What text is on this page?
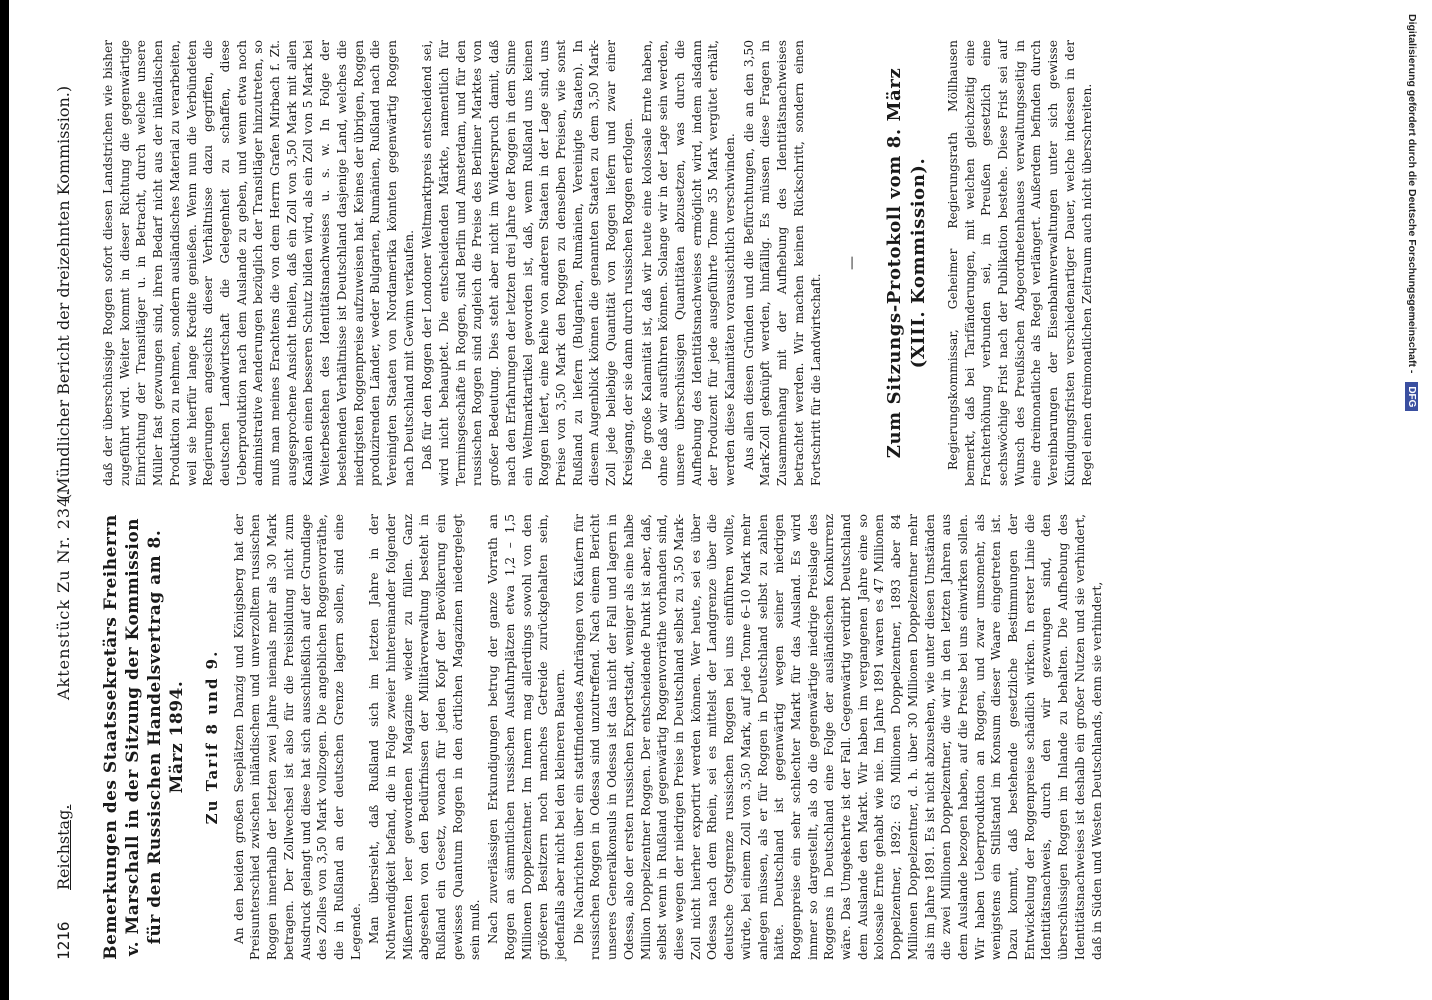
1216
Reichstag.
Aktenstück Zu Nr. 234.
(Mündlicher Bericht der dreizehnten Kommission.)
Bemerkungen des Staatssekretärs Freiherrn v. Marschall in der Sitzung der Kommission für den Russischen Handelsvertrag am 8. März 1894. Zu Tarif 8 und 9. An den beiden großen Seeplätzen Danzig und Königsberg hat der Preisunterschied zwischen inländischem und unverzolltem russischen Roggen innerhalb der letzten zwei Jahre niemals mehr als 30 Mark betragen. Der Zollwechsel ist also für die Preisbildung nicht zum Ausdruck gelangt und diese hat sich ausschließlich auf der Grundlage des Zolles von 3,50 Mark vollzogen. Die angeblichen Roggenvorräthe, die in Rußland an der deutschen Grenze lagern sollen, sind eine Legende. Man übersieht, daß Rußland sich im letzten Jahre in der Nothwendigkeit befand, die in Folge zweier hintereinander folgender Mißernten leer gewordenen Magazine wieder zu füllen. Ganz abgesehen von den Bedürfnissen der Militärverwaltung besteht in Rußland ein Gesetz, wonach für jeden Kopf der Bevölkerung ein gewisses Quantum Roggen in den örtlichen Magazinen niedergelegt sein muß. Nach zuverlässigen Erkundigungen betrug der ganze Vorrath an Roggen an sämmtlichen russischen Ausfuhrplätzen etwa 1,2 – 1,5 Millionen Doppelzentner. Im Innern mag allerdings sowohl von den größeren Besitzern noch manches Getreide zurückgehalten sein, jedenfalls aber nicht bei den kleineren Bauern. Die Nachrichten über ein stattfindendes Andrängen von Käufern für russischen Roggen in Odessa sind unzutreffend. Nach einem Bericht unseres Generalkonsuls in Odessa ist das nicht der Fall und lagern in Odessa, also der ersten russischen Exportstadt, weniger als eine halbe Million Doppelzentner Roggen. Der entscheidende Punkt ist aber, daß, selbst wenn in Rußland gegenwärtig Roggenvorräthe vorhanden sind, diese wegen der niedrigen Preise in Deutschland selbst zu 3,50 Mark-Zoll nicht hierher exportirt werden können. Wer heute, sei es über Odessa nach dem Rhein, sei es mittelst der Landgrenze über die deutsche Ostgrenze russischen Roggen bei uns einführen wollte, würde, bei einem Zoll von 3,50 Mark, auf jede Tonne 6–10 Mark mehr anlegen müssen, als er für Roggen in Deutschland selbst zu zahlen hätte. Deutschland ist gegenwärtig wegen seiner niedrigen Roggenpreise ein sehr schlechter Markt für das Ausland. Es wird immer so dargestellt, als ob die gegenwärtige niedrige Preislage des Roggens in Deutschland eine Folge der ausländischen Konkurrenz wäre. Das Umgekehrte ist der Fall. Gegenwärtig verdirbt Deutschland dem Auslande den Markt. Wir haben im vergangenen Jahre eine so kolossale Ernte gehabt wie nie. Im Jahre 1891 waren es 47 Millionen Doppelzentner, 1892: 63 Millionen Doppelzentner, 1893 aber 84 Millionen Doppelzentner, d. h. über 30 Millionen Doppelzentner mehr als im Jahre 1891. Es ist nicht abzusehen, wie unter diesen Umständen die zwei Millionen Doppelzentner, die wir in den letzten Jahren aus dem Auslande bezogen haben, auf die Preise bei uns einwirken sollen. Wir haben Ueberproduktion an Roggen, und zwar umsomehr, als wenigstens ein Stillstand im Konsum dieser Waare eingetreten ist. Dazu kommt, daß bestehende gesetzliche Bestimmungen der Entwickelung der Roggenpreise schädlich wirken. In erster Linie die Identitätsnachweis, durch den wir gezwungen sind, den überschüssigen Roggen im Inlande zu behalten. Die Aufhebung des Identitätsnachweises ist deshalb ein großer Nutzen und sie verhindert, daß in Süden und Westen Deutschlands, denn sie verhindert,

daß der überschüssige Roggen sofort diesen Landstrichen wie bisher zugeführt wird. Weiter kommt in dieser Richtung die gegenwärtige Einrichtung der Transitläger u. in Betracht, durch welche unsere Müller fast gezwungen sind, ihren Bedarf nicht aus der inländischen Produktion zu nehmen, sondern ausländisches Material zu verarbeiten, weil sie hierfür lange Kredite genießen. Wenn nun die Verbündeten Regierungen angesichts dieser Verhältnisse dazu gegriffen, die deutschen Landwirtschaft die Gelegenheit zu schaffen, diese Ueberproduktion nach dem Auslande zu geben, und wenn etwa noch administrative Aenderungen bezüglich der Transitläger hinzutreten, so muß man meines Erachtens die von dem Herrn Grafen Mirbach f. Zt. ausgesprochene Ansicht theilen, daß ein Zoll von 3,50 Mark mit allen Kanälen einen besseren Schutz bilden wird, als ein Zoll von 5 Mark bei Weiterbestehen des Identitätsnachweises u. s. w. In Folge der bestehenden Verhältnisse ist Deutschland dasjenige Land, welches die niedrigsten Roggenpreise aufzuweisen hat. Keines der übrigen, Roggen produzirenden Länder, weder Bulgarien, Rumänien, Rußland nach die Vereinigten Staaten von Nordamerika könnten gegenwärtig Roggen nach Deutschland mit Gewinn verkaufen. Daß für den Roggen der Londoner Weltmarktpreis entscheidend sei, wird nicht behauptet. Die entscheidenden Märkte, namentlich für Terminsgeschäfte in Roggen, sind Berlin und Amsterdam, und für den russischen Roggen sind zugleich die Preise des Berliner Marktes von großer Bedeutung. Dies steht aber nicht im Widerspruch damit, daß nach den Erfahrungen der letzten drei Jahre der Roggen in dem Sinne ein Weltmarktartikel geworden ist, daß, wenn Rußland uns keinen Roggen liefert, eine Reihe von anderen Staaten in der Lage sind, uns Preise von 3,50 Mark den Roggen zu denselben Preisen, wie sonst Rußland zu liefern (Bulgarien, Rumänien, Vereinigte Staaten). In diesem Augenblick können die genannten Staaten zu dem 3,50 Mark-Zoll jede beliebige Quantität von Roggen liefern und zwar einer Kreisgang, der sie dann durch russischen Roggen erfolgen. Die große Kalamität ist, daß wir heute eine kolossale Ernte haben, ohne daß wir ausführen können. Solange wir in der Lage sein werden, unsere überschüssigen Quantitäten abzusetzen, was durch die Aufhebung des Identitätsnachweises ermöglicht wird, indem alsdann der Produzent für jede ausgeführte Tonne 35 Mark vergütet erhält, werden diese Kalamitäten voraussichtlich verschwinden. Aus allen diesen Gründen und die Befürchtungen, die an den 3,50 Mark-Zoll geknüpft werden, hinfällig. Es müssen diese Fragen in Zusammenhang mit der Aufhebung des Identitätsnachweises betrachtet werden. Wir machen keinen Rückschritt, sondern einen Fortschritt für die Landwirtschaft.

— Zum Sitzungs-Protokoll vom 8. März (XIII. Kommission). Regierungskommissar, Geheimer Regierungsrath Möllhausen bemerkt, daß bei Tarifänderungen, mit welchen gleichzeitig eine Frachterhöhung verbunden sei, in Preußen gesetzlich eine sechswöchige Frist nach der Publikation bestehe. Diese Frist sei auf Wunsch des Preußischen Abgeordnetenhauses verwaltungsseitig in eine dreimonatliche als Regel verlängert. Außerdem befinden durch Vereinbarungen der Eisenbahnverwaltungen unter sich gewisse Kündigungsfristen verschiedenartiger Dauer, welche indessen in der Regel einen dreimonatlichen Zeitraum auch nicht überschreiten.	Digitalisierung gefördert durch die Deutsche Forschungsgemeinschaft - DFG
